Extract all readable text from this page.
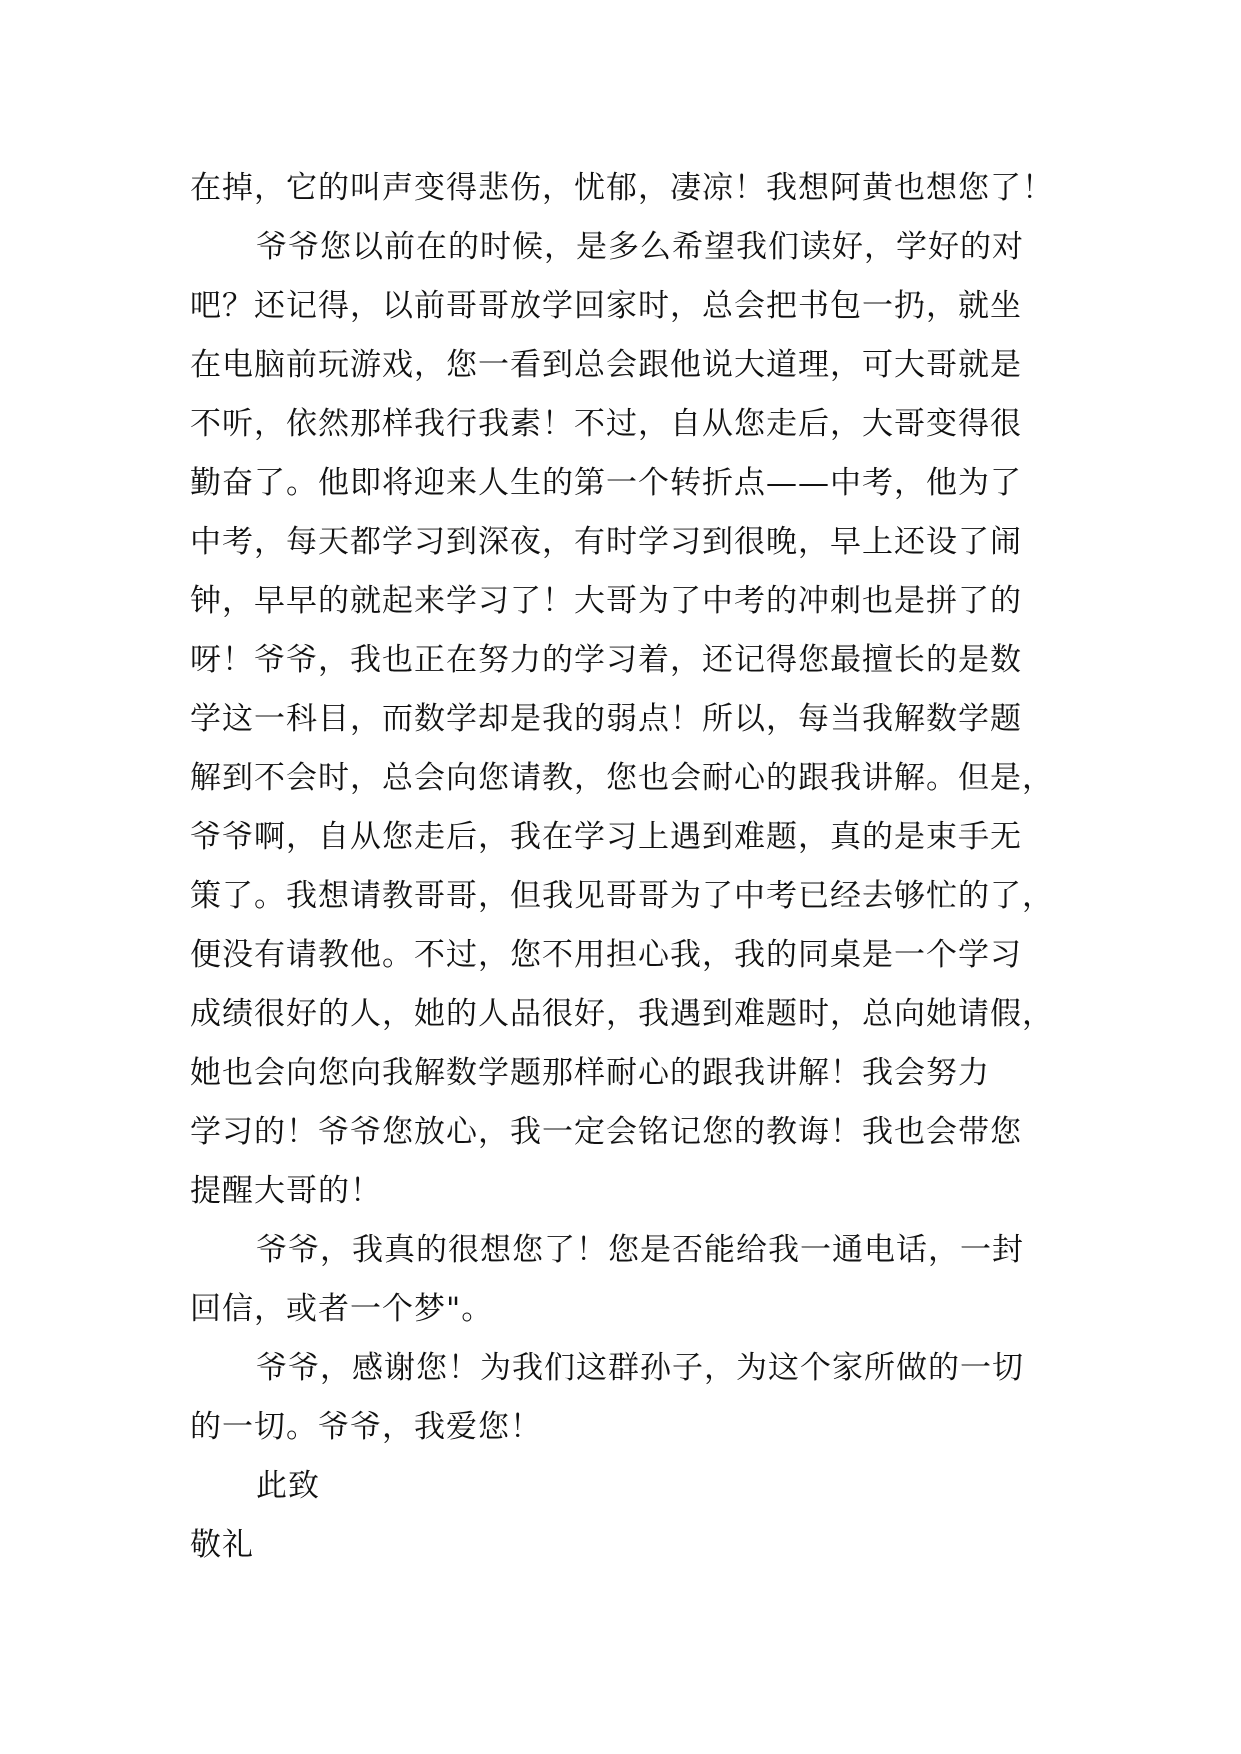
在掉，它的叫声变得悲伤，忧郁，凄凉！我想阿黄也想您了！
爷爷您以前在的时候，是多么希望我们读好，学好的对
吧？还记得，以前哥哥放学回家时，总会把书包一扔，就坐
在电脑前玩游戏，您一看到总会跟他说大道理，可大哥就是
不听，依然那样我行我素！不过，自从您走后，大哥变得很
勤奋了。他即将迎来人生的第一个转折点——中考，他为了
中考，每天都学习到深夜，有时学习到很晚，早上还设了闹
钟，早早的就起来学习了！大哥为了中考的冲刺也是拼了的
呀！爷爷，我也正在努力的学习着，还记得您最擅长的是数
学这一科目，而数学却是我的弱点！所以，每当我解数学题
解到不会时，总会向您请教，您也会耐心的跟我讲解。但是，
爷爷啊，自从您走后，我在学习上遇到难题，真的是束手无
策了。我想请教哥哥，但我见哥哥为了中考已经去够忙的了，
便没有请教他。不过，您不用担心我，我的同桌是一个学习
成绩很好的人，她的人品很好，我遇到难题时，总向她请假，
她也会向您向我解数学题那样耐心的跟我讲解！我会努力
学习的！爷爷您放心，我一定会铭记您的教诲！我也会带您
提醒大哥的！
爷爷，我真的很想您了！您是否能给我一通电话，一封
回信，或者一个梦"。
爷爷，感谢您！为我们这群孙子，为这个家所做的一切
的一切。爷爷，我爱您！
此致
敬礼
